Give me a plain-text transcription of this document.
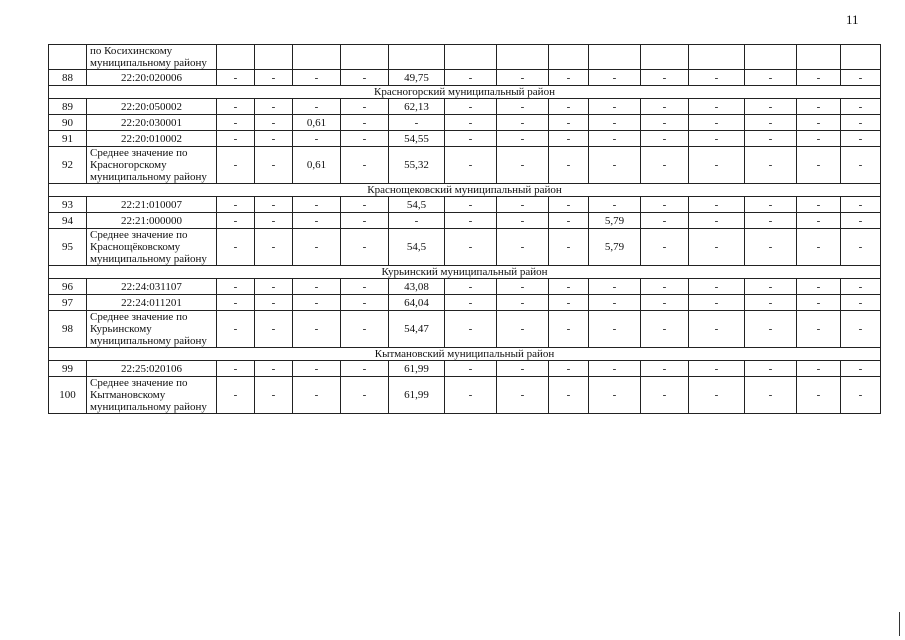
11
	по Косихинскому муниципальному району														
88	22:20:020006	-	-	-	-	49,75	-	-	-	-	-	-	-	-	-
Красногорский муниципальный район															
89	22:20:050002	-	-	-	-	62,13	-	-	-	-	-	-	-	-	-
90	22:20:030001	-	-	0,61	-	-	-	-	-	-	-	-	-	-	-
91	22:20:010002	-	-	-	-	54,55	-	-	-	-	-	-	-	-	-
92	Среднее значение по Красногорскому муниципальному району	-	-	0,61	-	55,32	-	-	-	-	-	-	-	-	-
Краснощековский муниципальный район															
93	22:21:010007	-	-	-	-	54,5	-	-	-	-	-	-	-	-	-
94	22:21:000000	-	-	-	-	-	-	-	-	5,79	-	-	-	-	-
95	Среднее значение по Краснощёковскому муниципальному району	-	-	-	-	54,5	-	-	-	5,79	-	-	-	-	-
Курьинский муниципальный район															
96	22:24:031107	-	-	-	-	43,08	-	-	-	-	-	-	-	-	-
97	22:24:011201	-	-	-	-	64,04	-	-	-	-	-	-	-	-	-
98	Среднее значение по Курьинскому муниципальному району	-	-	-	-	54,47	-	-	-	-	-	-	-	-	-
Кытмановский муниципальный район															
99	22:25:020106	-	-	-	-	61,99	-	-	-	-	-	-	-	-	-
100	Среднее значение по Кытмановскому муниципальному району	-	-	-	-	61,99	-	-	-	-	-	-	-	-	-
